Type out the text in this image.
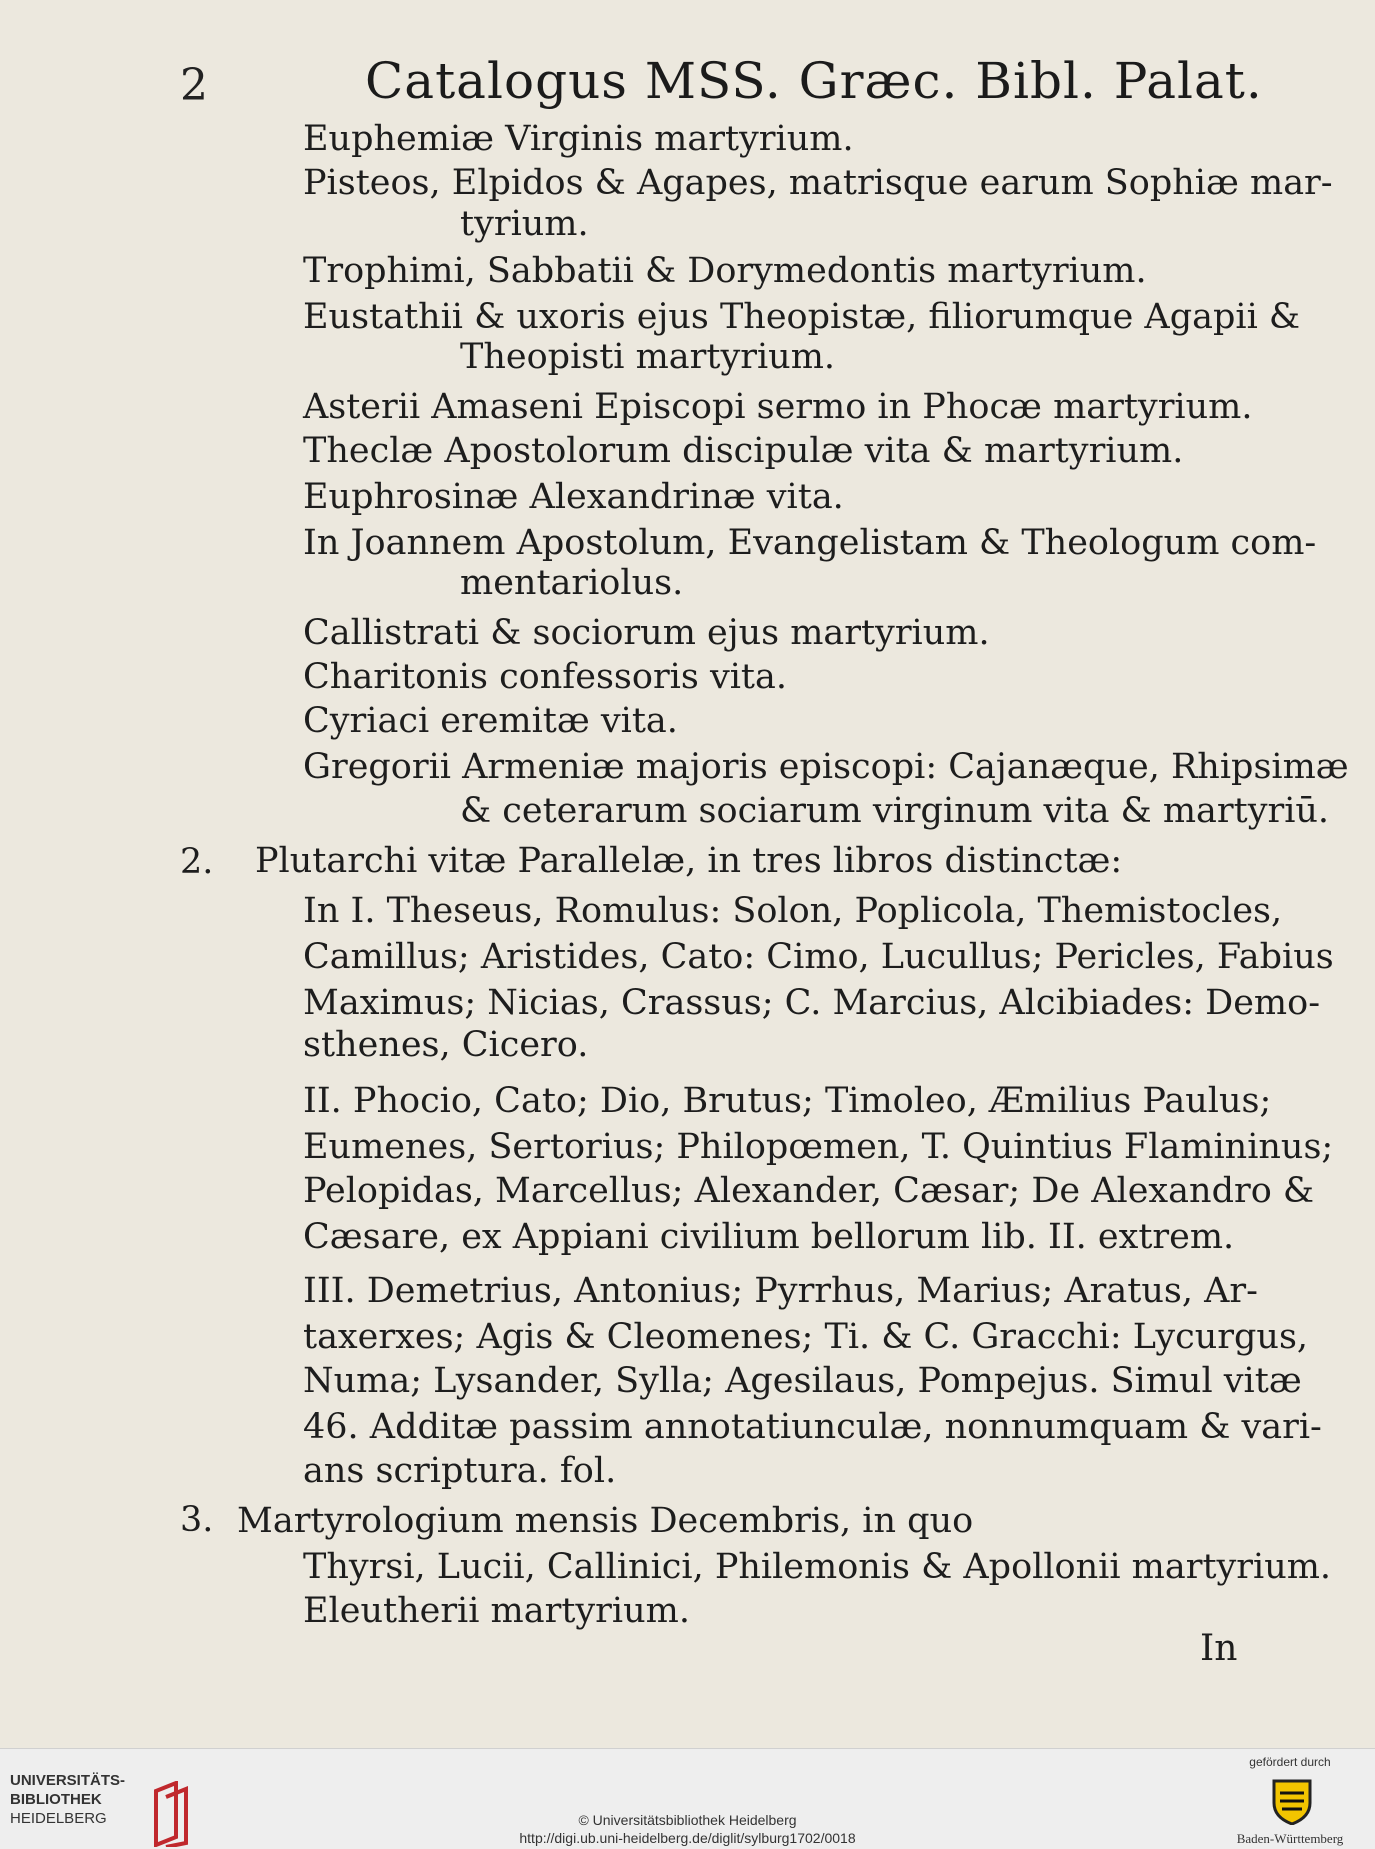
2	Catalogus MSS. Græc. Bibl. Palat.
Euphemiæ Virginis martyrium.
Pisteos, Elpidos & Agapes, matrisque earum Sophiæ mar-
tyrium.
Trophimi, Sabbatii & Dorymedontis martyrium.
Eustathii & uxoris ejus Theopistæ, filiorumque Agapii &
Theopisti martyrium.
Asterii Amaseni Episcopi sermo in Phocæ martyrium.
Theclæ Apostolorum discipulæ vita & martyrium.
Euphrosinæ Alexandrinæ vita.
In Joannem Apostolum, Evangelistam & Theologum com-
mentariolus.
Callistrati & sociorum ejus martyrium.
Charitonis confessoris vita.
Cyriaci eremitæ vita.
Gregorii Armeniæ majoris episcopi: Cajanæque, Rhipsimæ
& ceterarum sociarum virginum vita & martyriū.
2. Plutarchi vitæ Parallelæ, in tres libros distinctæ:
In I. Theseus, Romulus: Solon, Poplicola, Themistocles,
Camillus; Aristides, Cato: Cimo, Lucullus; Pericles, Fabius
Maximus; Nicias, Crassus; C. Marcius, Alcibiades: Demo-
sthenes, Cicero.
II. Phocio, Cato; Dio, Brutus; Timoleo, Æmilius Paulus;
Eumenes, Sertorius; Philopœmen, T. Quintius Flamininus;
Pelopidas, Marcellus; Alexander, Cæsar; De Alexandro &
Cæsare, ex Appiani civilium bellorum lib. II. extrem.
III. Demetrius, Antonius; Pyrrhus, Marius; Aratus, Ar-
taxerxes; Agis & Cleomenes; Ti. & C. Gracchi: Lycurgus,
Numa; Lysander, Sylla; Agesilaus, Pompejus. Simul vitæ
46. Additæ passim annotatiunculæ, nonnumquam & vari-
ans scriptura. fol.
3. Martyrologium mensis Decembris, in quo
Thyrsi, Lucii, Callinici, Philemonis & Apollonii martyrium.
Eleutherii martyrium.
In
UNIVERSITÄTS-
BIBLIOTHEK
HEIDELBERG	© Universitätsbibliothek Heidelberg
http://digi.ub.uni-heidelberg.de/diglit/sylburg1702/0018
gefördert durch
Baden-Württemberg
